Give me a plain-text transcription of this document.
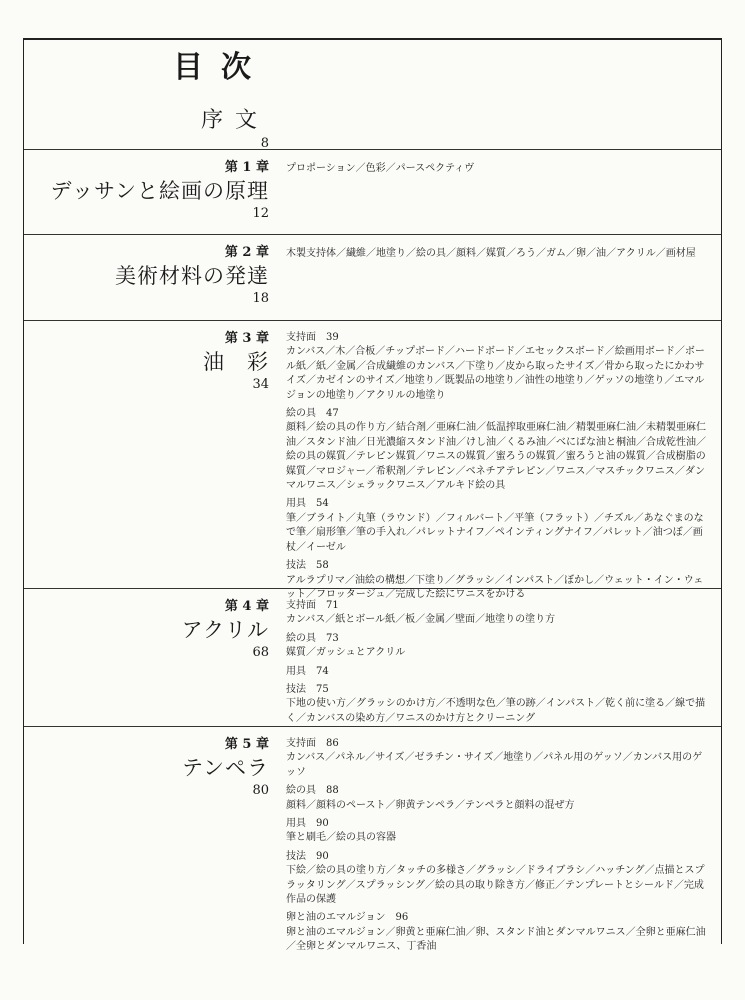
目次
序文
8
第 1 章
デッサンと絵画の原理
12
プロポーション／色彩／パースペクティヴ
第 2 章
美術材料の発達
18
木製支持体／繊維／地塗り／絵の具／顔料／媒質／ろう／ガム／卵／油／アクリル／画材屋
第 3 章
油　彩
34
支持面　39
カンバス／木／合板／チップボード／ハードボード／エセックスボード／絵画用ボード／ボール紙／紙／金属／合成繊維のカンバス／下塗り／皮から取ったサイズ／骨から取ったにかわサイズ／カゼインのサイズ／地塗り／既製品の地塗り／油性の地塗り／ゲッソの地塗り／エマルジョンの地塗り／アクリルの地塗り
絵の具　47
顔料／絵の具の作り方／結合剤／亜麻仁油／低温搾取亜麻仁油／精製亜麻仁油／未精製亜麻仁油／スタンド油／日光濃縮スタンド油／けし油／くるみ油／べにばな油と桐油／合成乾性油／絵の具の媒質／テレピン媒質／ワニスの媒質／蜜ろうの媒質／蜜ろうと油の媒質／合成樹脂の媒質／マロジャー／希釈剤／テレピン／ベネチアテレピン／ワニス／マスチックワニス／ダンマルワニス／シェラックワニス／アルキド絵の具
用具　54
筆／ブライト／丸筆（ラウンド）／フィルバート／平筆（フラット）／チズル／あなぐまのなで筆／扇形筆／筆の手入れ／パレットナイフ／ペインティングナイフ／パレット／油つぼ／画杖／イーゼル
技法　58
アルラプリマ／油絵の構想／下塗り／グラッシ／インパスト／ぼかし／ウェット・イン・ウェット／フロッタージュ／完成した絵にワニスをかける
第 4 章
アクリル
68
支持面　71
カンバス／紙とボール紙／板／金属／壁面／地塗りの塗り方
絵の具　73
媒質／ガッシュとアクリル
用具　74
技法　75
下地の使い方／グラッシのかけ方／不透明な色／筆の跡／インパスト／乾く前に塗る／線で描く／カンバスの染め方／ワニスのかけ方とクリーニング
第 5 章
テンペラ
80
支持面　86
カンバス／パネル／サイズ／ゼラチン・サイズ／地塗り／パネル用のゲッソ／カンバス用のゲッソ
絵の具　88
顔料／顔料のペースト／卵黄テンペラ／テンペラと顔料の混ぜ方
用具　90
筆と刷毛／絵の具の容器
技法　90
下絵／絵の具の塗り方／タッチの多様さ／グラッシ／ドライブラシ／ハッチング／点描とスプラッタリング／スプラッシング／絵の具の取り除き方／修正／テンプレートとシールド／完成作品の保護
卵と油のエマルジョン　96
卵と油のエマルジョン／卵黄と亜麻仁油／卵、スタンド油とダンマルワニス／全卵と亜麻仁油／全卵とダンマルワニス、丁香油
